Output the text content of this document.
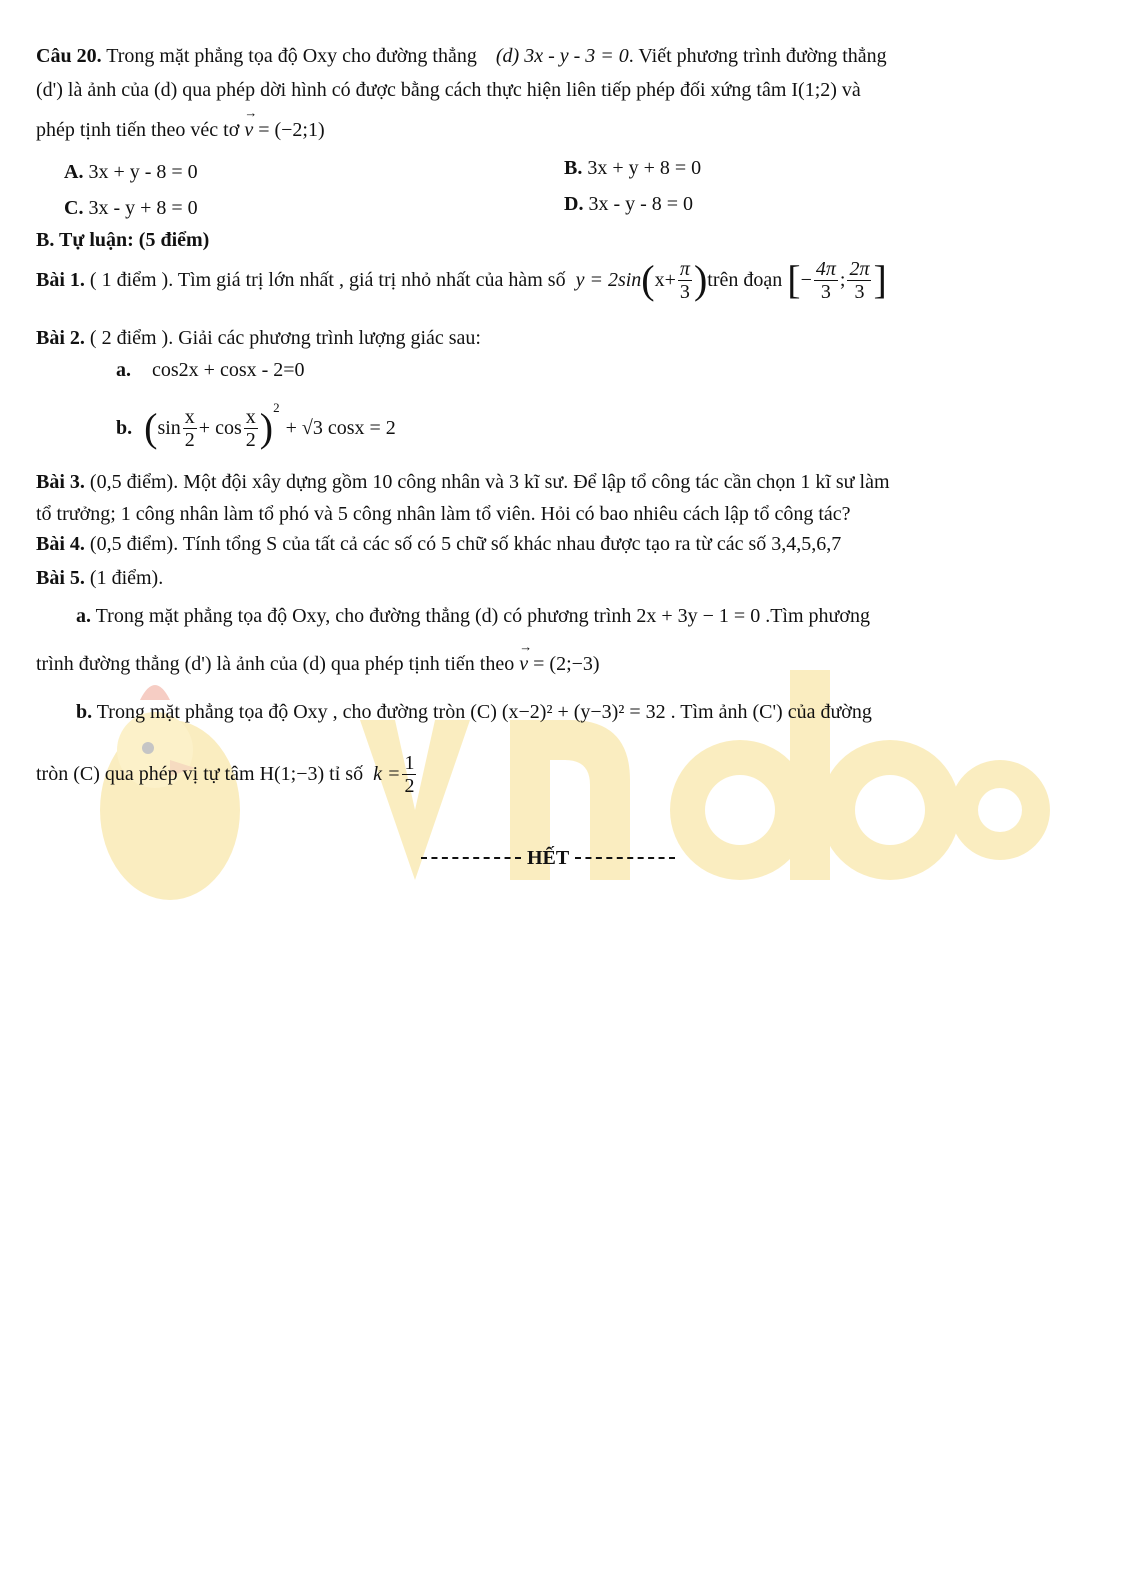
Câu 20. Trong mặt phẳng tọa độ Oxy cho đường thẳng (d) 3x - y - 3 = 0. Viết phương trình đường thẳng
(d') là ảnh của (d) qua phép dời hình có được bằng cách thực hiện liên tiếp phép đối xứng tâm I(1;2) và
phép tịnh tiến theo véc tơ → v = (−2;1)
A. 3x + y - 8 = 0	B. 3x + y + 8 = 0
C. 3x - y + 8 = 0	D. 3x - y - 8 = 0
B. Tự luận: (5 điểm)
Bài 1.
( 1 điểm ). Tìm giá trị lớn nhất , giá trị nhỏ nhất của hàm số
y = 2sin ( $x+ \frac{\pi}{3}$ ) trên đoạn
[ − $\frac{4\pi}{3}$ ; $\frac{2\pi}{3}$ ]
Bài 2. ( 2 điểm ). Giải các phương trình lượng giác sau:
a. cos2x + cosx - 2=0
b. ( $\sin \frac{x}{2}$ +
$\cos \frac{x}{2} )^2$
+ √3 cosx = 2
Bài 3. (0,5 điểm). Một đội xây dựng gồm 10 công nhân và 3 kĩ sư. Để lập tổ công tác cần chọn 1 kĩ sư làm
tổ trưởng; 1 công nhân làm tổ phó và 5 công nhân làm tổ viên. Hỏi có bao nhiêu cách lập tổ công tác?
Bài 4. (0,5 điểm). Tính tổng S của tất cả các số có 5 chữ số khác nhau được tạo ra từ các số 3,4,5,6,7
Bài 5. (1 điểm).
a. Trong mặt phẳng tọa độ Oxy, cho đường thẳng (d) có phương trình 2x + 3y − 1 = 0 .Tìm phương
trình đường thẳng (d') là ảnh của (d) qua phép tịnh tiến theo → v = (2;−3)
b. Trong mặt phẳng tọa độ Oxy , cho đường tròn (C) (x−2)² + (y−3)² = 32 . Tìm ảnh (C') của đường
tròn (C) qua phép vị tự tâm H(1;−3) tỉ số
$k = \frac{1}{2}$
HẾT
